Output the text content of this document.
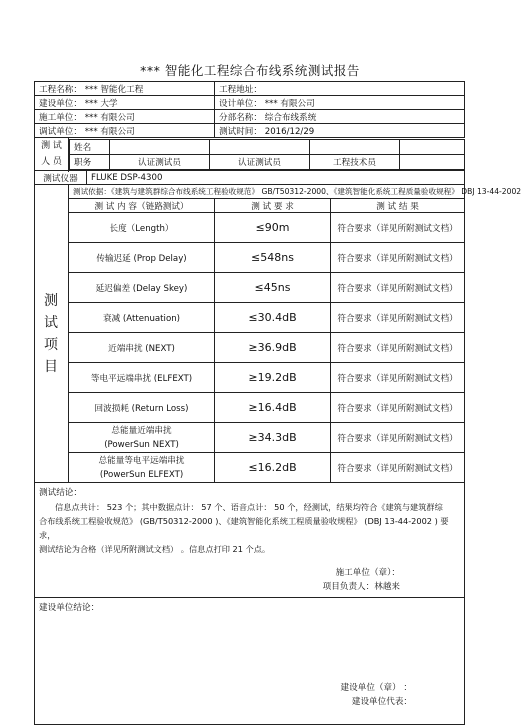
*** 智能化工程综合布线系统测试报告
工程名称： *** 智能化工程	工程地址：
建设单位： *** 大学	设计单位： *** 有限公司
施工单位： *** 有限公司	分部名称： 综合布线系统
调试单位： *** 有限公司	测试时间： 2016/12/29

测 试
人 员

姓名				
职务	认证测试员	认证测试员	工程技术员	

测试仪器	FLUKE DSP-4300

测
试
项
目
	测试依据：《建筑与建筑群综合布线系统工程验收规范》 GB/T50312-2000、《建筑智能化系统工程质量验收规程》 DBJ 13-44-2002
测 试 内 容（链路测试）	测 试 要 求	测 试 结 果
长度（Length）	≤90m	符合要求（详见所附测试文档）
传输迟延 (Prop Delay)	≤548ns	符合要求（详见所附测试文档）
延迟偏差 (Delay Skey)	≤45ns	符合要求（详见所附测试文档）
衰减 (Attenuation)	≤30.4dB	符合要求（详见所附测试文档）
近端串扰 (NEXT)	≥36.9dB	符合要求（详见所附测试文档）
等电平远端串扰 (ELFEXT)	≥19.2dB	符合要求（详见所附测试文档）
回波损耗 (Return Loss)	≥16.4dB	符合要求（详见所附测试文档）
总能量近端串扰
(PowerSun NEXT)	≥34.3dB	符合要求（详见所附测试文档）
总能量等电平远端串扰
(PowerSun ELFEXT)	≤16.2dB	符合要求（详见所附测试文档）

测试结论：
信息点共计： 523 个；其中数据点计： 57 个、语音点计： 50 个，经测试，结果均符合《建筑与建筑群综
合布线系统工程验收规范》 (GB/T50312-2000 )、《建筑智能化系统工程质量验收规程》 (DBJ 13-44-2002 ) 要求，
测试结论为合格（详见所附测试文档） 。信息点打印 21 个点。
施工单位（章）：
项目负责人：林越来

建设单位结论：
建设单位（章） ：
建设单位代表：
